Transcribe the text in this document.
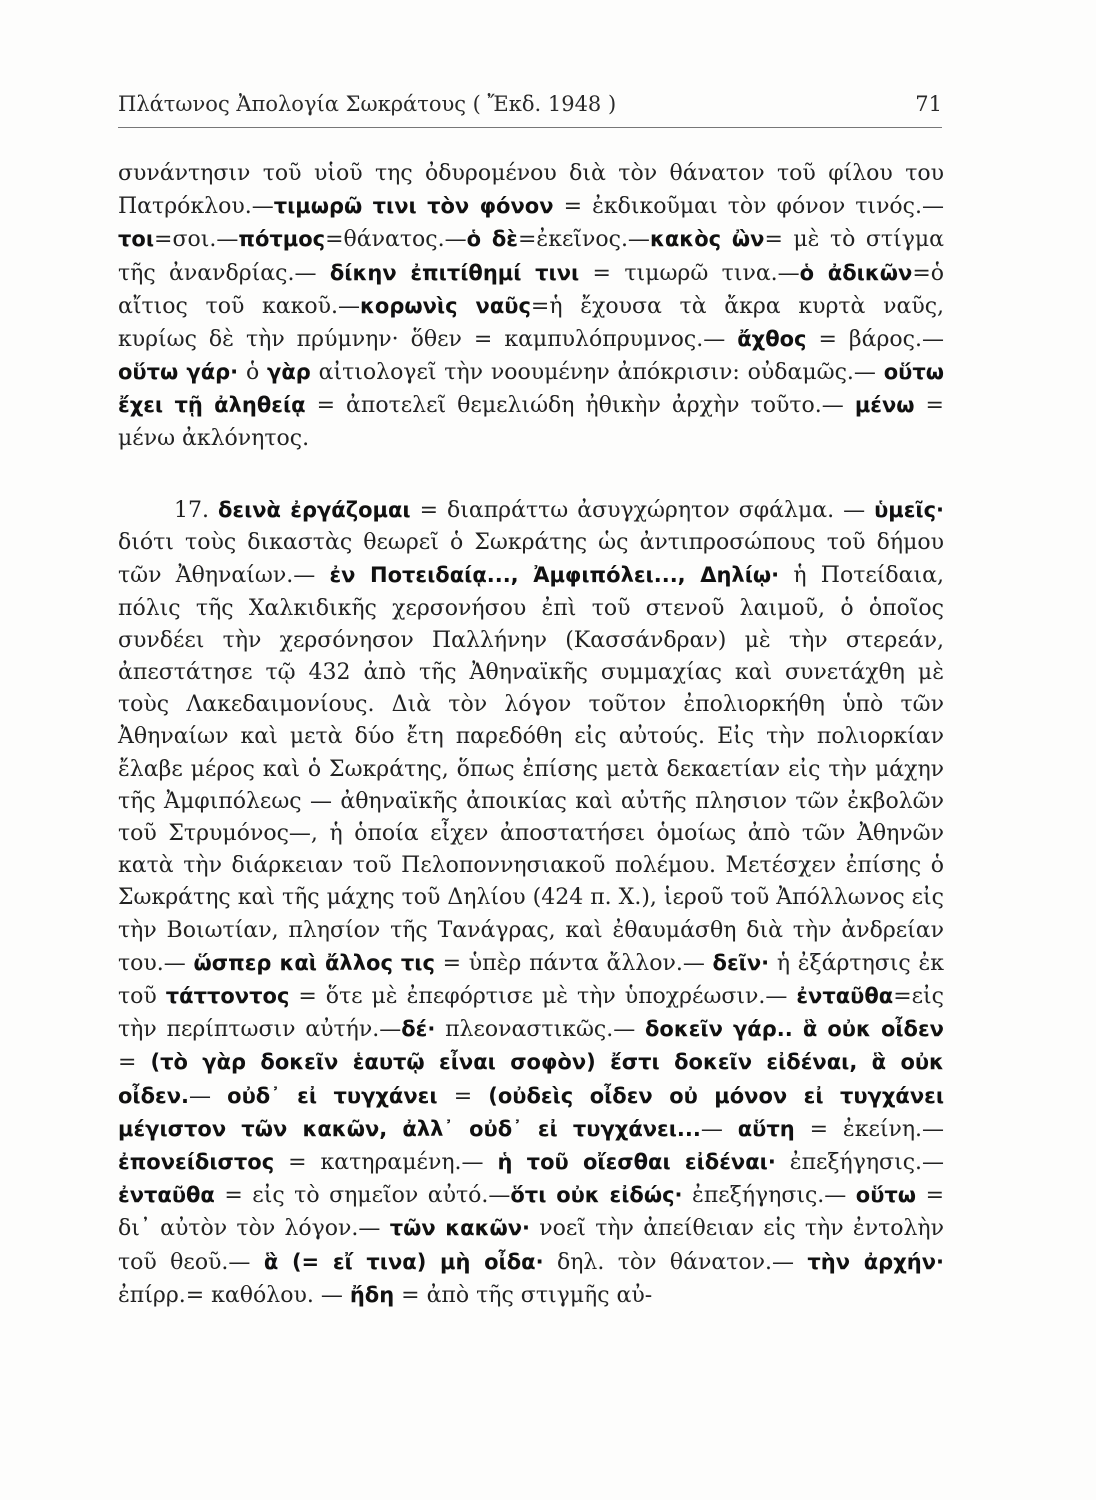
Πλάτωνος Ἀπολογία Σωκράτους ( Ἔκδ. 1948 )	71

συνάντησιν τοῦ υἱοῦ της ὀδυρομένου διὰ τὸν θάνατον τοῦ φίλου του Πατρόκλου.—τιμωρῶ τινι τὸν φόνον = ἐκδικοῦμαι τὸν φόνον τινός.—τοι=σοι.—πότμος=θάνατος.—ὁ δὲ=ἐκεῖνος.—κακὸς ὢν= μὲ τὸ στίγμα τῆς ἀνανδρίας.— δίκην ἐπιτίθημί τινι = τιμωρῶ τινα.—ὁ ἀδικῶν=ὁ αἴτιος τοῦ κακοῦ.—κορωνὶς ναῦς=ἡ ἔχουσα τὰ ἄκρα κυρτὰ ναῦς, κυρίως δὲ τὴν πρύμνην· ὅθεν = καμπυλόπρυμνος.— ἄχθος = βάρος.— οὕτω γάρ· ὁ γὰρ αἰτιολογεῖ τὴν νοουμένην ἀπόκρισιν: οὐδαμῶς.— οὕτω ἔχει τῇ ἀληθείᾳ = ἀποτελεῖ θεμελιώδη ἠθικὴν ἀρχὴν τοῦτο.— μένω = μένω ἀκλόνητος.

17. δεινὰ ἐργάζομαι = διαπράττω ἀσυγχώρητον σφάλμα. — ὑμεῖς· διότι τοὺς δικαστὰς θεωρεῖ ὁ Σωκράτης ὡς ἀντιπροσώπους τοῦ δήμου τῶν Ἀθηναίων.— ἐν Ποτειδαίᾳ..., Ἀμφιπόλει..., Δηλίῳ· ἡ Ποτείδαια, πόλις τῆς Χαλκιδικῆς χερσονήσου ἐπὶ τοῦ στενοῦ λαιμοῦ, ὁ ὁποῖος συνδέει τὴν χερσόνησον Παλλήνην (Κασσάνδραν) μὲ τὴν στερεάν, ἀπεστάτησε τῷ 432 ἀπὸ τῆς Ἀθηναϊκῆς συμμαχίας καὶ συνετάχθη μὲ τοὺς Λακεδαιμονίους. Διὰ τὸν λόγον τοῦτον ἐπολιορκήθη ὑπὸ τῶν Ἀθηναίων καὶ μετὰ δύο ἔτη παρεδόθη εἰς αὐτούς. Εἰς τὴν πολιορκίαν ἔλαβε μέρος καὶ ὁ Σωκράτης, ὅπως ἐπίσης μετὰ δεκαετίαν εἰς τὴν μάχην τῆς Ἀμφιπόλεως — ἀθηναϊκῆς ἀποικίας καὶ αὐτῆς πλησιον τῶν ἐκβολῶν τοῦ Στρυμόνος—, ἡ ὁποία εἶχεν ἀποστατήσει ὁμοίως ἀπὸ τῶν Ἀθηνῶν κατὰ τὴν διάρκειαν τοῦ Πελοποννησιακοῦ πολέμου. Μετέσχεν ἐπίσης ὁ Σωκράτης καὶ τῆς μάχης τοῦ Δηλίου (424 π. Χ.), ἱεροῦ τοῦ Ἀπόλλωνος εἰς τὴν Βοιωτίαν, πλησίον τῆς Τανάγρας, καὶ ἐθαυμάσθη διὰ τὴν ἀνδρείαν του.— ὥσπερ καὶ ἄλλος τις = ὑπὲρ πάντα ἄλλον.— δεῖν· ἡ ἐξάρτησις ἐκ τοῦ τάττοντος = ὅτε μὲ ἐπεφόρτισε μὲ τὴν ὑποχρέωσιν.— ἐνταῦθα=εἰς τὴν περίπτωσιν αὐτήν.—δέ· πλεοναστικῶς.— δοκεῖν γάρ.. ἃ οὐκ οἶδεν = (τὸ γὰρ δοκεῖν ἑαυτῷ εἶναι σοφὸν) ἔστι δοκεῖν εἰδέναι, ἃ οὐκ οἶδεν.— οὐδ᾿ εἰ τυγχάνει = (οὐδεὶς οἶδεν οὐ μόνον εἰ τυγχάνει μέγιστον τῶν κακῶν, ἀλλ᾿ οὐδ᾿ εἰ τυγχάνει...— αὕτη = ἐκείνη.— ἐπονείδιστος = κατηραμένη.— ἡ τοῦ οἴεσθαι εἰδέναι· ἐπεξήγησις.— ἐνταῦθα = εἰς τὸ σημεῖον αὐτό.—ὅτι οὐκ εἰδώς· ἐπεξήγησις.— οὕτω = δι᾿ αὐτὸν τὸν λόγον.— τῶν κακῶν· νοεῖ τὴν ἀπείθειαν εἰς τὴν ἐντολὴν τοῦ θεοῦ.— ἃ (= εἴ τινα) μὴ οἶδα· δηλ. τὸν θάνατον.— τὴν ἀρχήν· ἐπίρρ.= καθόλου. — ἤδη = ἀπὸ τῆς στιγμῆς αὐ-
